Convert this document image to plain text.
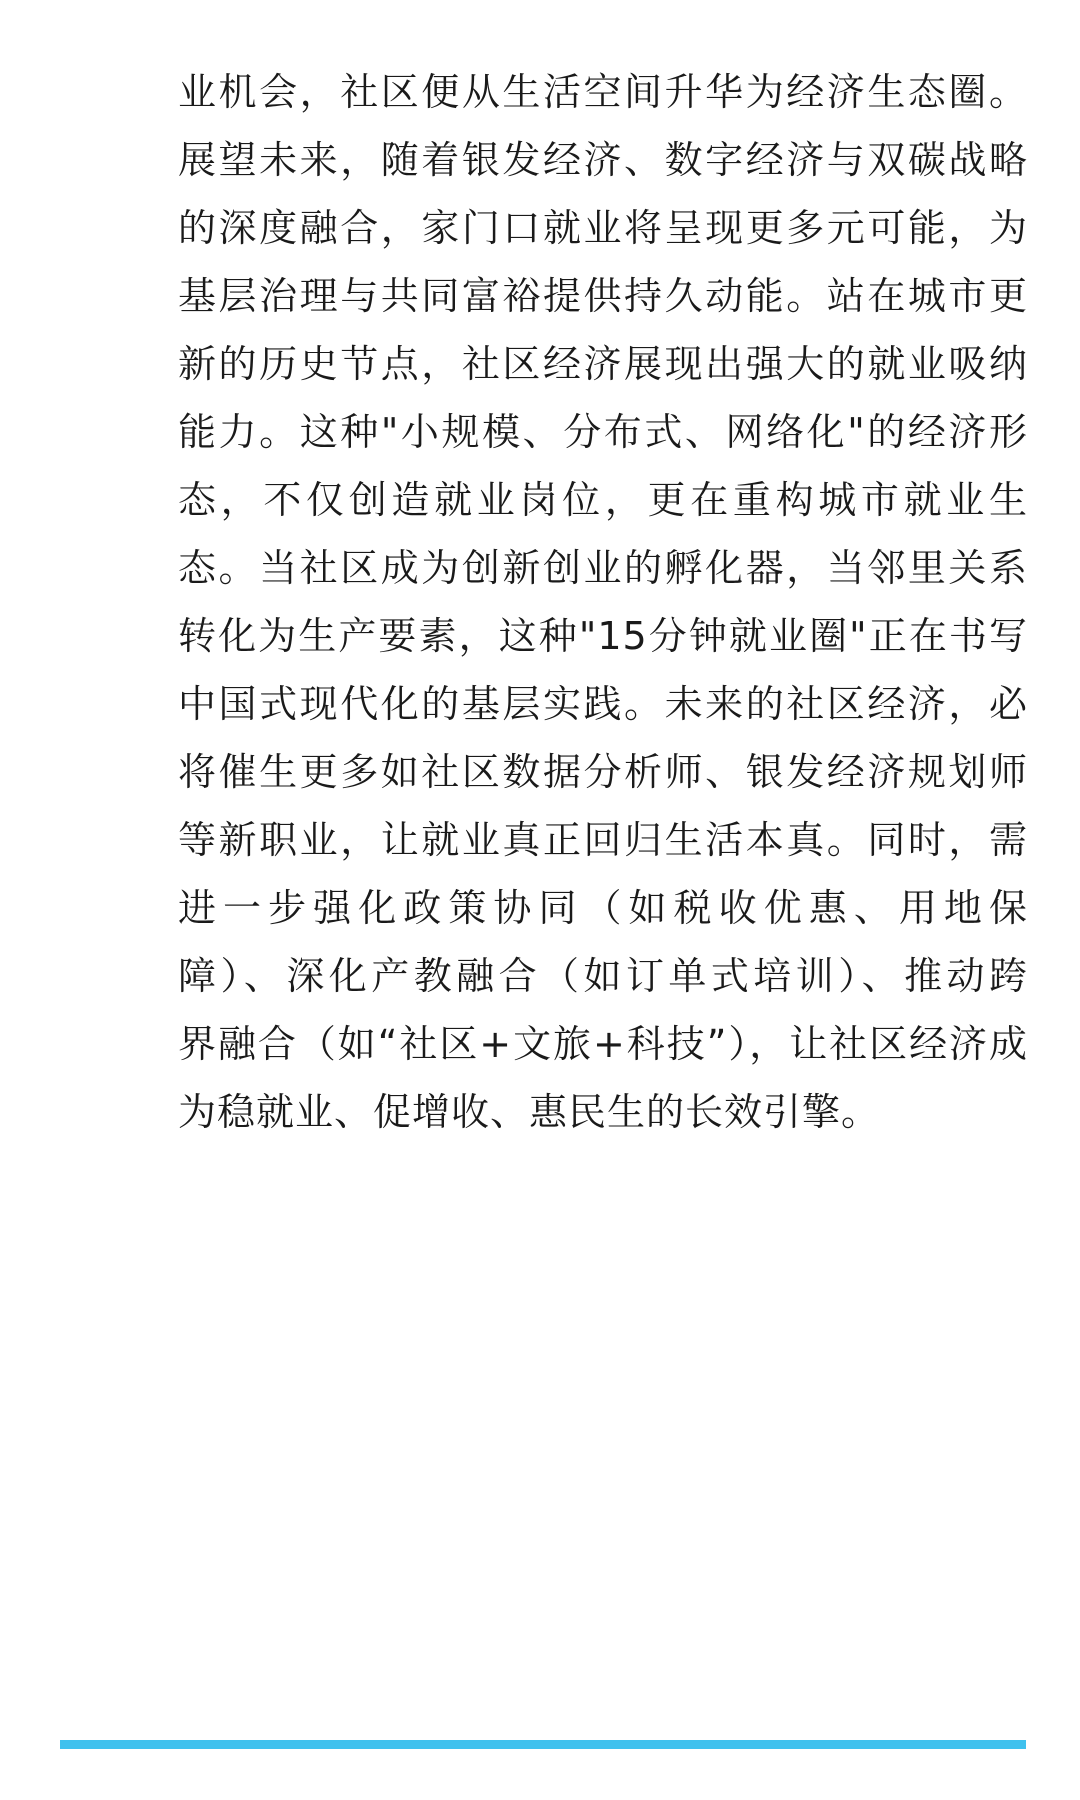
业机会，社区便从生活空间升华为经济生态圈。
展望未来，随着银发经济、数字经济与双碳战略
的深度融合，家门口就业将呈现更多元可能，为
基层治理与共同富裕提供持久动能。站在城市更
新的历史节点，社区经济展现出强大的就业吸纳
能力。这种"小规模、分布式、网络化"的经济形
态，不仅创造就业岗位，更在重构城市就业生
态。当社区成为创新创业的孵化器，当邻里关系
转化为生产要素，这种"15分钟就业圈"正在书写
中国式现代化的基层实践。未来的社区经济，必
将催生更多如社区数据分析师、银发经济规划师
等新职业，让就业真正回归生活本真。同时，需
进一步强化政策协同（如税收优惠、用地保
障）、深化产教融合（如订单式培训）、推动跨
界融合（如“社区+文旅+科技”），让社区经济成
为稳就业、促增收、惠民生的长效引擎。
